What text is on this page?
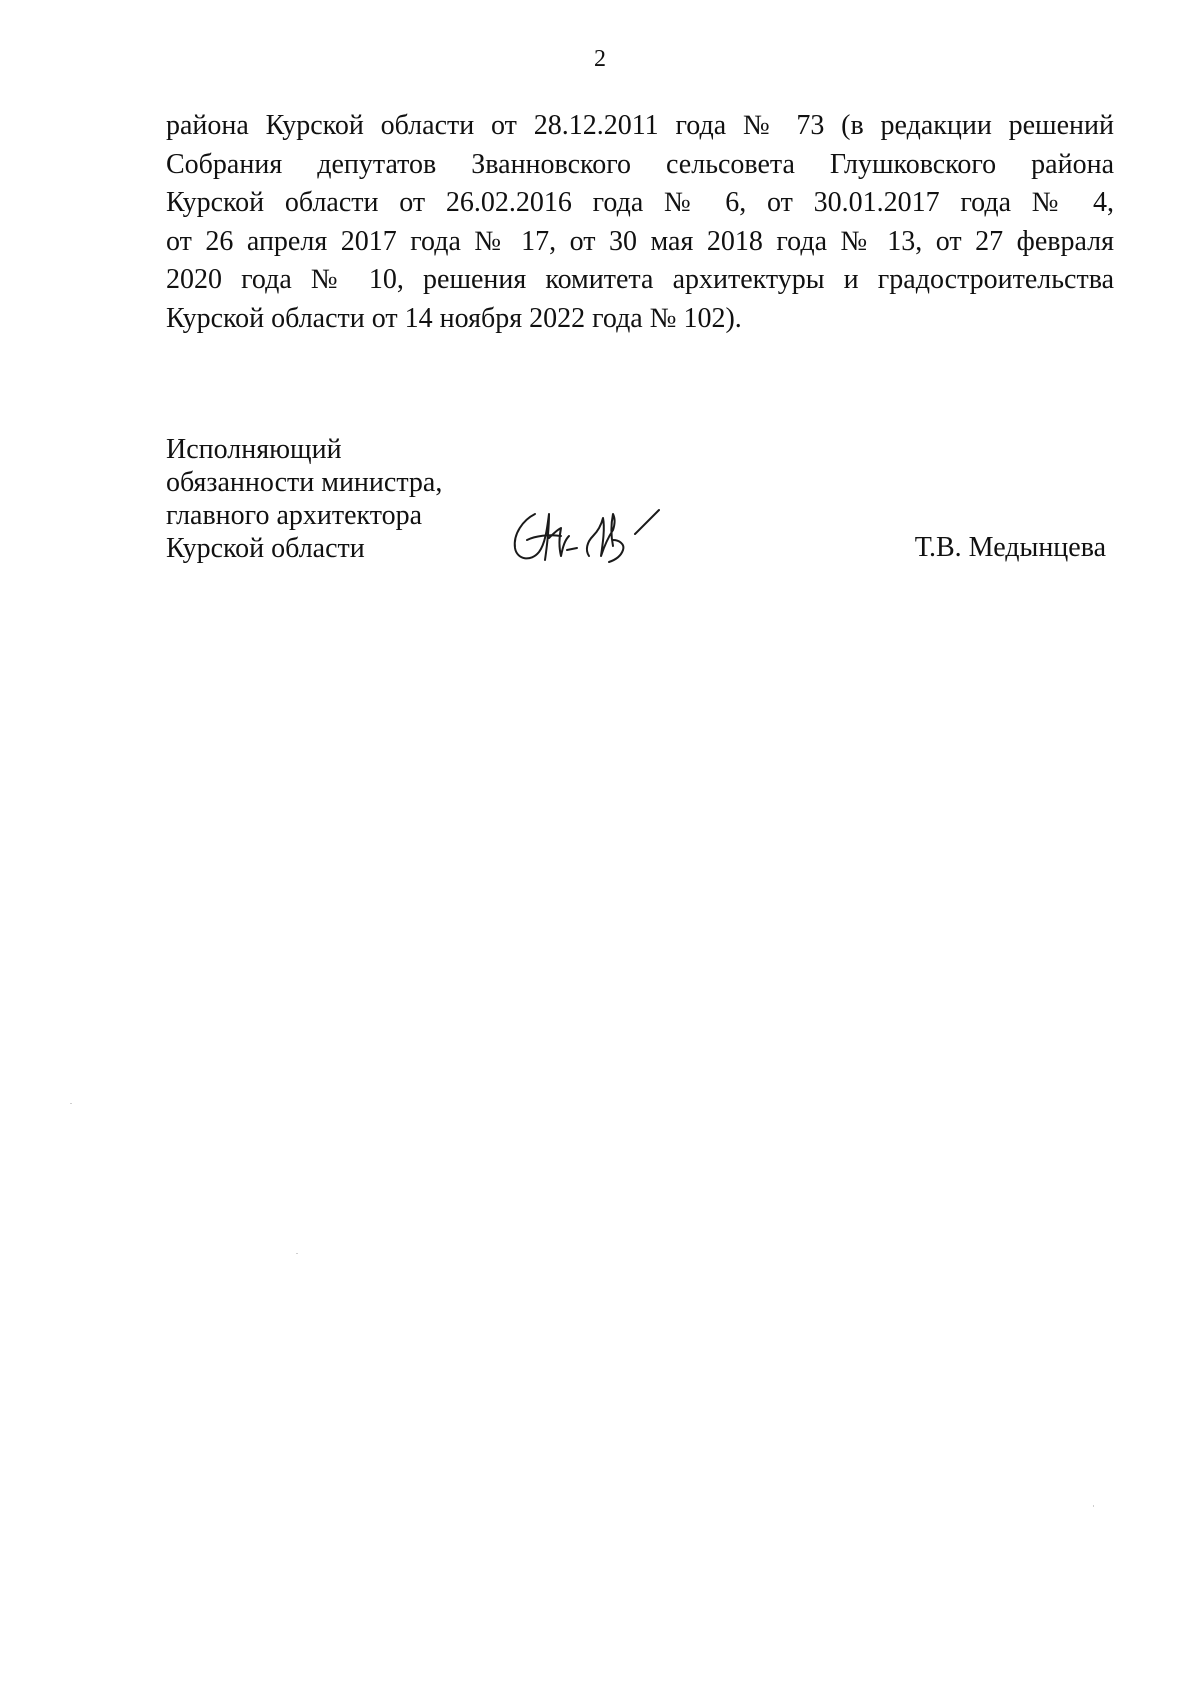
2

района Курской области от 28.12.2011 года № 73 (в редакции решений
Собрания депутатов Званновского сельсовета Глушковского района
Курской области от 26.02.2016 года № 6, от 30.01.2017 года № 4,
от 26 апреля 2017 года № 17, от 30 мая 2018 года № 13, от 27 февраля
2020 года № 10, решения комитета архитектуры и градостроительства
Курской области от 14 ноября 2022 года № 102).

Исполняющий
обязанности министра,
главного архитектора
Курской области	Т.В. Медынцева
